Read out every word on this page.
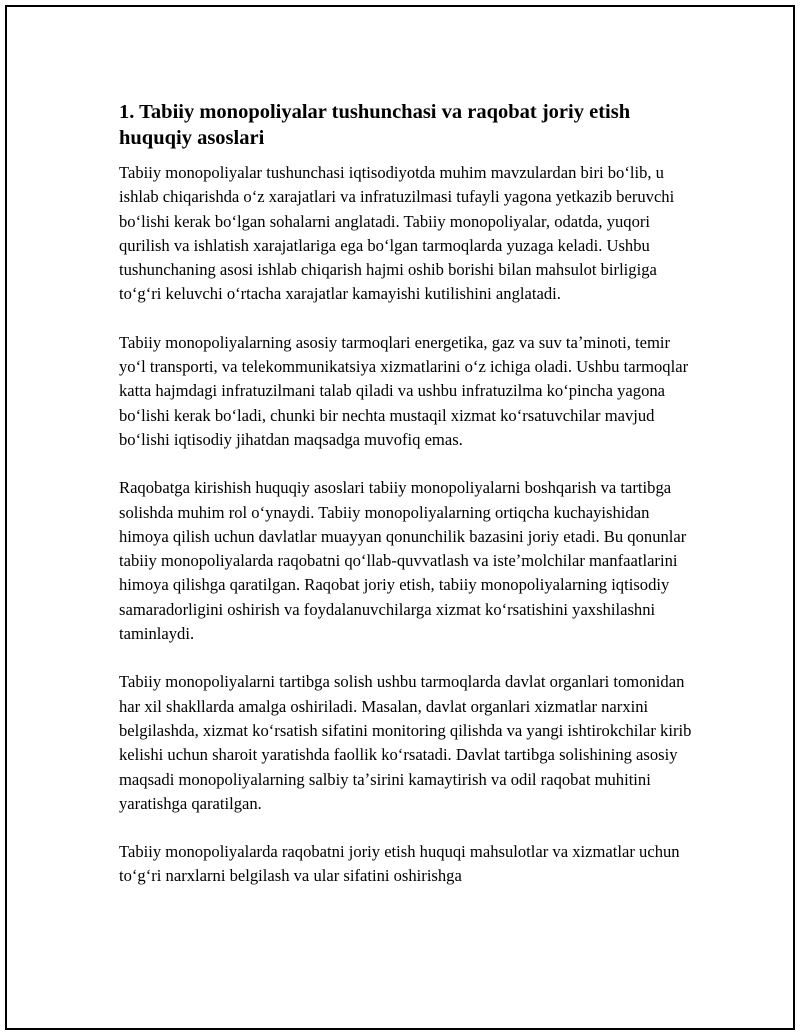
1. Tabiiy monopoliyalar tushunchasi va raqobat joriy etish huquqiy asoslari

Tabiiy monopoliyalar tushunchasi iqtisodiyotda muhim mavzulardan biri boʻlib, u ishlab chiqarishda oʻz xarajatlari va infratuzilmasi tufayli yagona yetkazib beruvchi boʻlishi kerak boʻlgan sohalarni anglatadi. Tabiiy monopoliyalar, odatda, yuqori qurilish va ishlatish xarajatlariga ega boʻlgan tarmoqlarda yuzaga keladi. Ushbu tushunchaning asosi ishlab chiqarish hajmi oshib borishi bilan mahsulot birligiga toʻgʻri keluvchi oʻrtacha xarajatlar kamayishi kutilishini anglatadi.

Tabiiy monopoliyalarning asosiy tarmoqlari energetika, gaz va suv taʼminoti, temir yoʻl transporti, va telekommunikatsiya xizmatlarini oʻz ichiga oladi. Ushbu tarmoqlar katta hajmdagi infratuzilmani talab qiladi va ushbu infratuzilma koʻpincha yagona boʻlishi kerak boʻladi, chunki bir nechta mustaqil xizmat koʻrsatuvchilar mavjud boʻlishi iqtisodiy jihatdan maqsadga muvofiq emas.

Raqobatga kirishish huquqiy asoslari tabiiy monopoliyalarni boshqarish va tartibga solishda muhim rol oʻynaydi. Tabiiy monopoliyalarning ortiqcha kuchayishidan himoya qilish uchun davlatlar muayyan qonunchilik bazasini joriy etadi. Bu qonunlar tabiiy monopoliyalarda raqobatni qoʻllab-quvvatlash va isteʼmolchilar manfaatlarini himoya qilishga qaratilgan. Raqobat joriy etish, tabiiy monopoliyalarning iqtisodiy samaradorligini oshirish va foydalanuvchilarga xizmat koʻrsatishini yaxshilashni taminlaydi.

Tabiiy monopoliyalarni tartibga solish ushbu tarmoqlarda davlat organlari tomonidan har xil shakllarda amalga oshiriladi. Masalan, davlat organlari xizmatlar narxini belgilashda, xizmat koʻrsatish sifatini monitoring qilishda va yangi ishtirokchilar kirib kelishi uchun sharoit yaratishda faollik koʻrsatadi. Davlat tartibga solishining asosiy maqsadi monopoliyalarning salbiy taʼsirini kamaytirish va odil raqobat muhitini yaratishga qaratilgan.

Tabiiy monopoliyalarda raqobatni joriy etish huquqi mahsulotlar va xizmatlar uchun toʻgʻri narxlarni belgilash va ular sifatini oshirishga
